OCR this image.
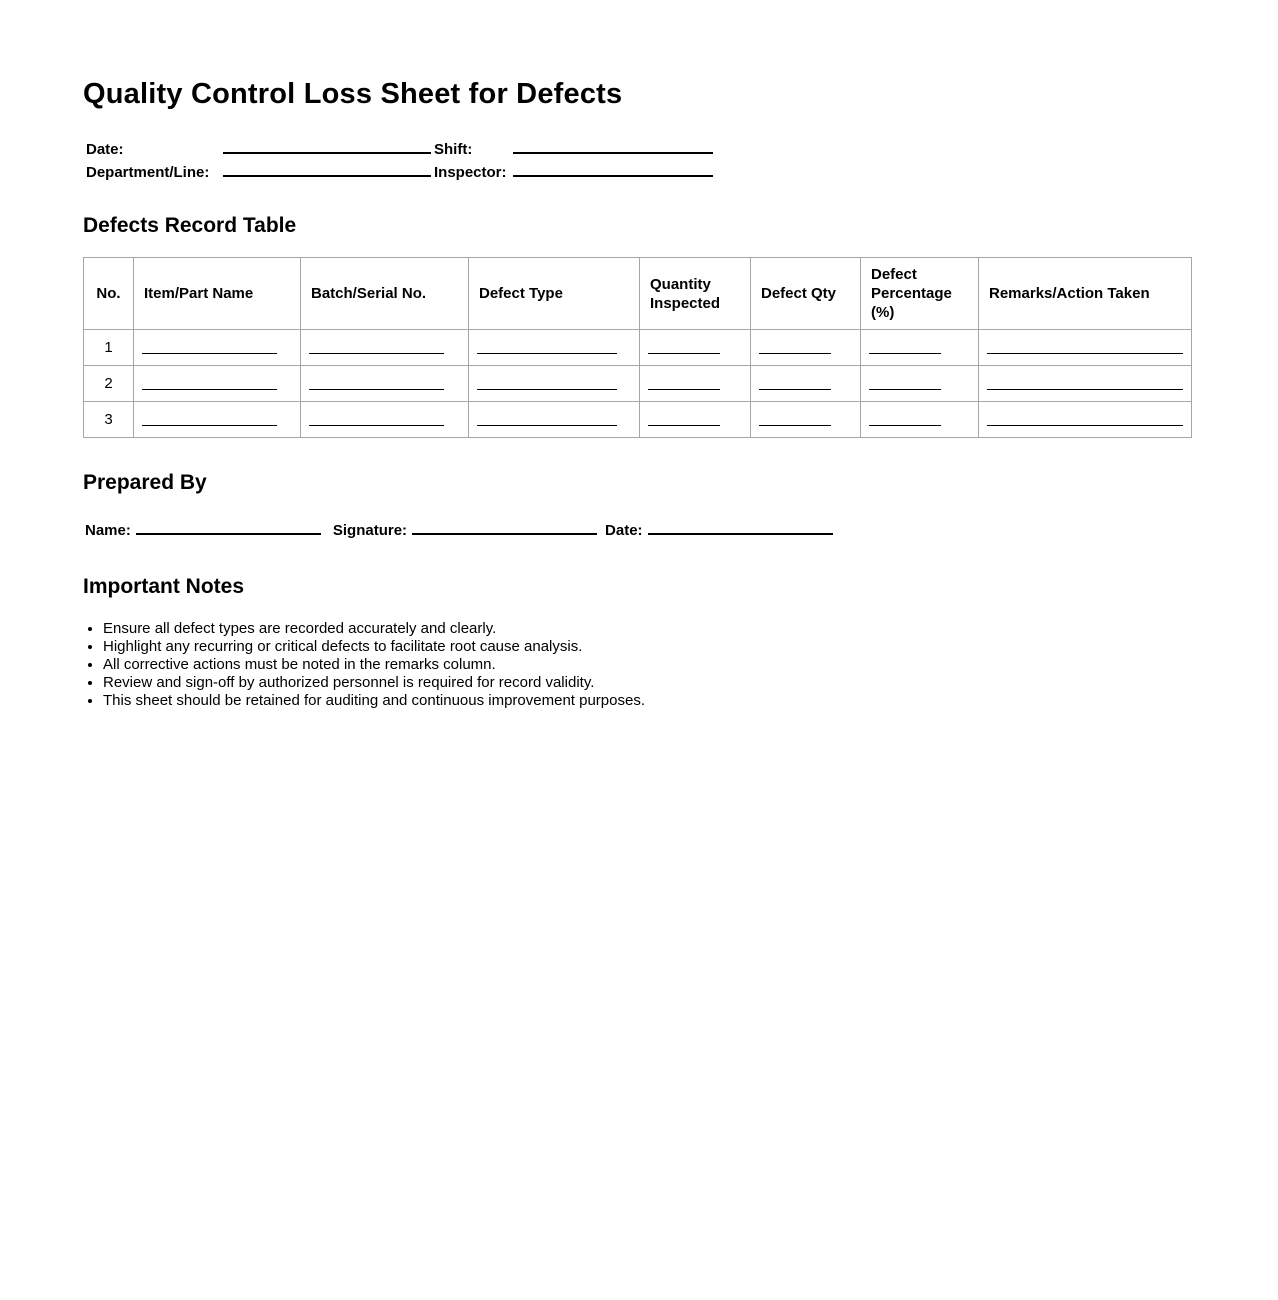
Quality Control Loss Sheet for Defects
Date:	Shift:
Department/Line:	Inspector:
Defects Record Table
No.	Item/Part Name	Batch/Serial No.	Defect Type	Quantity Inspected	Defect Qty	Defect Percentage (%)	Remarks/Action Taken
1							
2							
3							
Prepared By
Name:	Signature:	Date:
Important Notes
• Ensure all defect types are recorded accurately and clearly.
• Highlight any recurring or critical defects to facilitate root cause analysis.
• All corrective actions must be noted in the remarks column.
• Review and sign-off by authorized personnel is required for record validity.
• This sheet should be retained for auditing and continuous improvement purposes.
